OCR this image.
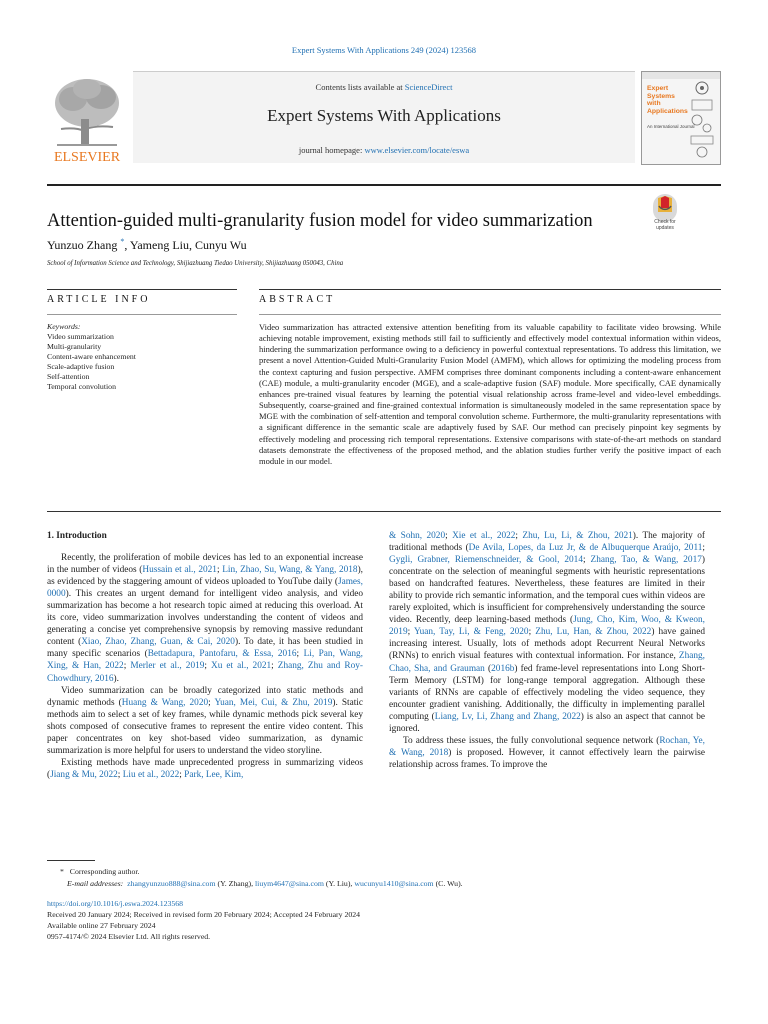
Expert Systems With Applications 249 (2024) 123568
ELSEVIER
Contents lists available at ScienceDirect
Expert Systems With Applications
journal homepage: www.elsevier.com/locate/eswa
Expert
Systems
with
Applications
An International Journal
Attention-guided multi-granularity fusion model for video summarization	Check for
updates
Yunzuo Zhang *, Yameng Liu, Cunyu Wu
School of Information Science and Technology, Shijiazhuang Tiedao University, Shijiazhuang 050043, China
ARTICLE INFO	ABSTRACT
Keywords:
Video summarization
Multi-granularity
Content-aware enhancement
Scale-adaptive fusion
Self-attention
Temporal convolution
Video summarization has attracted extensive attention benefiting from its valuable capability to facilitate video browsing. While achieving notable improvement, existing methods still fail to sufficiently and effectively model contextual information within videos, hindering the summarization performance owing to a deficiency in powerful contextual representations. To address this limitation, we present a novel Attention-Guided Multi-Granularity Fusion Model (AMFM), which allows for optimizing the modeling process from the context capturing and fusion perspective. AMFM comprises three dominant components including a content-aware enhancement (CAE) module, a multi-granularity encoder (MGE), and a scale-adaptive fusion (SAF) module. More specifically, CAE dynamically enhances pre-trained visual features by learning the potential visual relationship across frame-level and video-level embeddings. Subsequently, coarse-grained and fine-grained contextual information is simultaneously modeled in the same representation space by MGE with the combination of self-attention and temporal convolution scheme. Furthermore, the multi-granularity representations with a significant difference in the semantic scale are adaptively fused by SAF. Our method can precisely pinpoint key segments by effectively modeling and processing rich temporal representations. Extensive comparisons with state-of-the-art methods on standard datasets demonstrate the effectiveness of the proposed method, and the ablation studies further verify the positive impact of each module in our model.
1. Introduction

Recently, the proliferation of mobile devices has led to an exponential increase in the number of videos (Hussain et al., 2021; Lin, Zhao, Su, Wang, & Yang, 2018), as evidenced by the staggering amount of videos uploaded to YouTube daily (James, 0000). This creates an urgent demand for intelligent video analysis, and video summarization has become a hot research topic aimed at reducing this overload. At its core, video summarization involves understanding the content of videos and generating a concise yet comprehensive synopsis by removing massive redundant content (Xiao, Zhao, Zhang, Guan, & Cai, 2020). To date, it has been studied in many specific scenarios (Bettadapura, Pantofaru, & Essa, 2016; Li, Pan, Wang, Xing, & Han, 2022; Merler et al., 2019; Xu et al., 2021; Zhang, Zhu and Roy-Chowdhury, 2016).

Video summarization can be broadly categorized into static methods and dynamic methods (Huang & Wang, 2020; Yuan, Mei, Cui, & Zhu, 2019). Static methods aim to select a set of key frames, while dynamic methods pick several key shots composed of consecutive frames to represent the entire video content. This paper concentrates on key shot-based video summarization, as dynamic summarization is more helpful for users to understand the video storyline.

Existing methods have made unprecedented progress in summarizing videos (Jiang & Mu, 2022; Liu et al., 2022; Park, Lee, Kim,

& Sohn, 2020; Xie et al., 2022; Zhu, Lu, Li, & Zhou, 2021). The majority of traditional methods (De Avila, Lopes, da Luz Jr, & de Albuquerque Araújo, 2011; Gygli, Grabner, Riemenschneider, & Gool, 2014; Zhang, Tao, & Wang, 2017) concentrate on the selection of meaningful segments with heuristic representations based on handcrafted features. Nevertheless, these features are limited in their ability to provide rich semantic information, and the temporal cues within videos are rarely exploited, which is insufficient for comprehensively understanding the source video. Recently, deep learning-based methods (Jung, Cho, Kim, Woo, & Kweon, 2019; Yuan, Tay, Li, & Feng, 2020; Zhu, Lu, Han, & Zhou, 2022) have gained increasing interest. Usually, lots of methods adopt Recurrent Neural Networks (RNNs) to enrich visual features with contextual information. For instance, Zhang, Chao, Sha, and Grauman (2016b) fed frame-level representations into Long Short-Term Memory (LSTM) for long-range temporal aggregation. Although these variants of RNNs are capable of effectively modeling the video sequence, they encounter gradient vanishing. Additionally, the difficulty in implementing parallel computing (Liang, Lv, Li, Zhang and Zhang, 2022) is also an aspect that cannot be ignored.

To address these issues, the fully convolutional sequence network (Rochan, Ye, & Wang, 2018) is proposed. However, it cannot effectively learn the pairwise relationship across frames. To improve the

* Corresponding author.
E-mail addresses: zhangyunzuo888@sina.com (Y. Zhang), liuym4647@sina.com (Y. Liu), wucunyu1410@sina.com (C. Wu).
https://doi.org/10.1016/j.eswa.2024.123568
Received 20 January 2024; Received in revised form 20 February 2024; Accepted 24 February 2024
Available online 27 February 2024
0957-4174/© 2024 Elsevier Ltd. All rights reserved.
